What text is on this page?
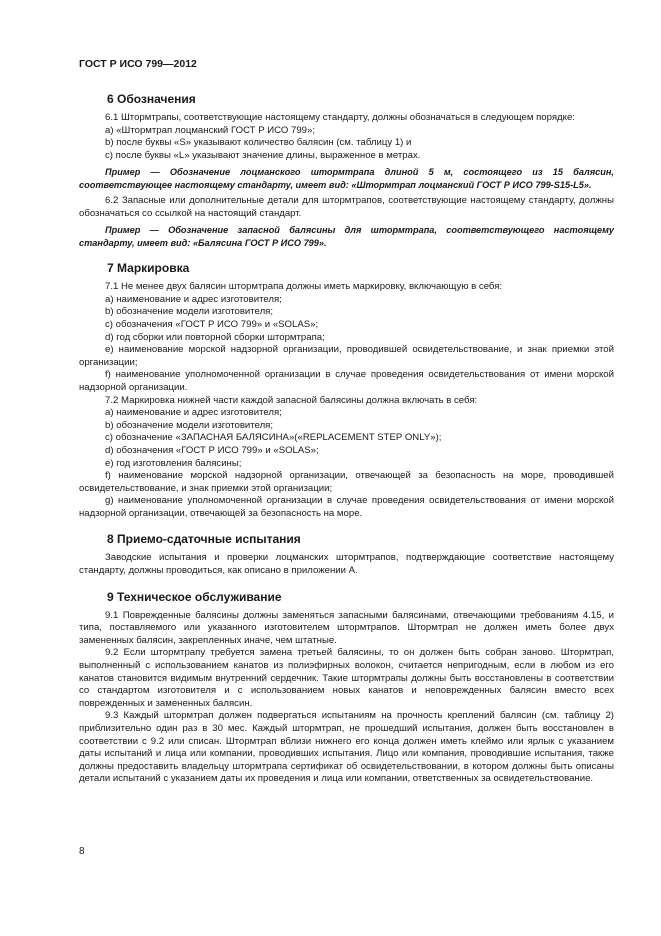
ГОСТ Р ИСО 799—2012
6 Обозначения

6.1 Штормтрапы, соответствующие настоящему стандарту, должны обозначаться в следующем порядке:

a) «Штормтрап лоцманский ГОСТ Р ИСО 799»;

b) после буквы «S» указывают количество балясин (см. таблицу 1) и

c) после буквы «L» указывают значение длины, выраженное в метрах.

Пример — Обозначение лоцманского штормтрапа длиной 5 м, состоящего из 15 балясин, соответствующее настоящему стандарту, имеет вид: «Штормтрап лоцманский ГОСТ Р ИСО 799-S15-L5».

6.2 Запасные или дополнительные детали для штормтрапов, соответствующие настоящему стандарту, должны обозначаться со ссылкой на настоящий стандарт.

Пример — Обозначение запасной балясины для штормтрапа, соответствующего настоящему стандарту, имеет вид: «Балясина ГОСТ Р ИСО 799».

7 Маркировка

7.1 Не менее двух балясин штормтрапа должны иметь маркировку, включающую в себя:

a) наименование и адрес изготовителя;

b) обозначение модели изготовителя;

c) обозначения «ГОСТ Р ИСО 799» и «SOLAS»;

d) год сборки или повторной сборки штормтрапа;

e) наименование морской надзорной организации, проводившей освидетельствование, и знак приемки этой организации;

f) наименование уполномоченной организации в случае проведения освидетельствования от имени морской надзорной организации.

7.2 Маркировка нижней части каждой запасной балясины должна включать в себя:

a) наименование и адрес изготовителя;

b) обозначение модели изготовителя;

c) обозначение «ЗАПАСНАЯ БАЛЯСИНА»(«REPLACEMENT STEP ONLY»);

d) обозначения «ГОСТ Р ИСО 799» и «SOLAS»;

e) год изготовления балясины;

f) наименование морской надзорной организации, отвечающей за безопасность на море, проводившей освидетельствование, и знак приемки этой организации;

g) наименование уполномоченной организации в случае проведения освидетельствования от имени морской надзорной организации, отвечающей за безопасность на море.

8 Приемо-сдаточные испытания

Заводские испытания и проверки лоцманских штормтрапов, подтверждающие соответствие настоящему стандарту, должны проводиться, как описано в приложении А.

9 Техническое обслуживание

9.1 Поврежденные балясины должны заменяться запасными балясинами, отвечающими требованиям 4.15, и типа, поставляемого или указанного изготовителем штормтрапов. Штормтрап не должен иметь более двух замененных балясин, закрепленных иначе, чем штатные.

9.2 Если штормтрапу требуется замена третьей балясины, то он должен быть собран заново. Штормтрап, выполненный с использованием канатов из полиэфирных волокон, считается непригодным, если в любом из его канатов становится видимым внутренний сердечник. Такие штормтрапы должны быть восстановлены в соответствии со стандартом изготовителя и с использованием новых канатов и неповрежденных балясин вместо всех поврежденных и замененных балясин.

9.3 Каждый штормтрап должен подвергаться испытаниям на прочность креплений балясин (см. таблицу 2) приблизительно один раз в 30 мес. Каждый штормтрап, не прошедший испытания, должен быть восстановлен в соответствии с 9.2 или списан. Штормтрап вблизи нижнего его конца должен иметь клеймо или ярлык с указанием даты испытаний и лица или компании, проводивших испытания. Лицо или компания, проводившие испытания, также должны предоставить владельцу штормтрапа сертификат об освидетельствовании, в котором должны быть описаны детали испытаний с указанием даты их проведения и лица или компании, ответственных за освидетельствование.

8
